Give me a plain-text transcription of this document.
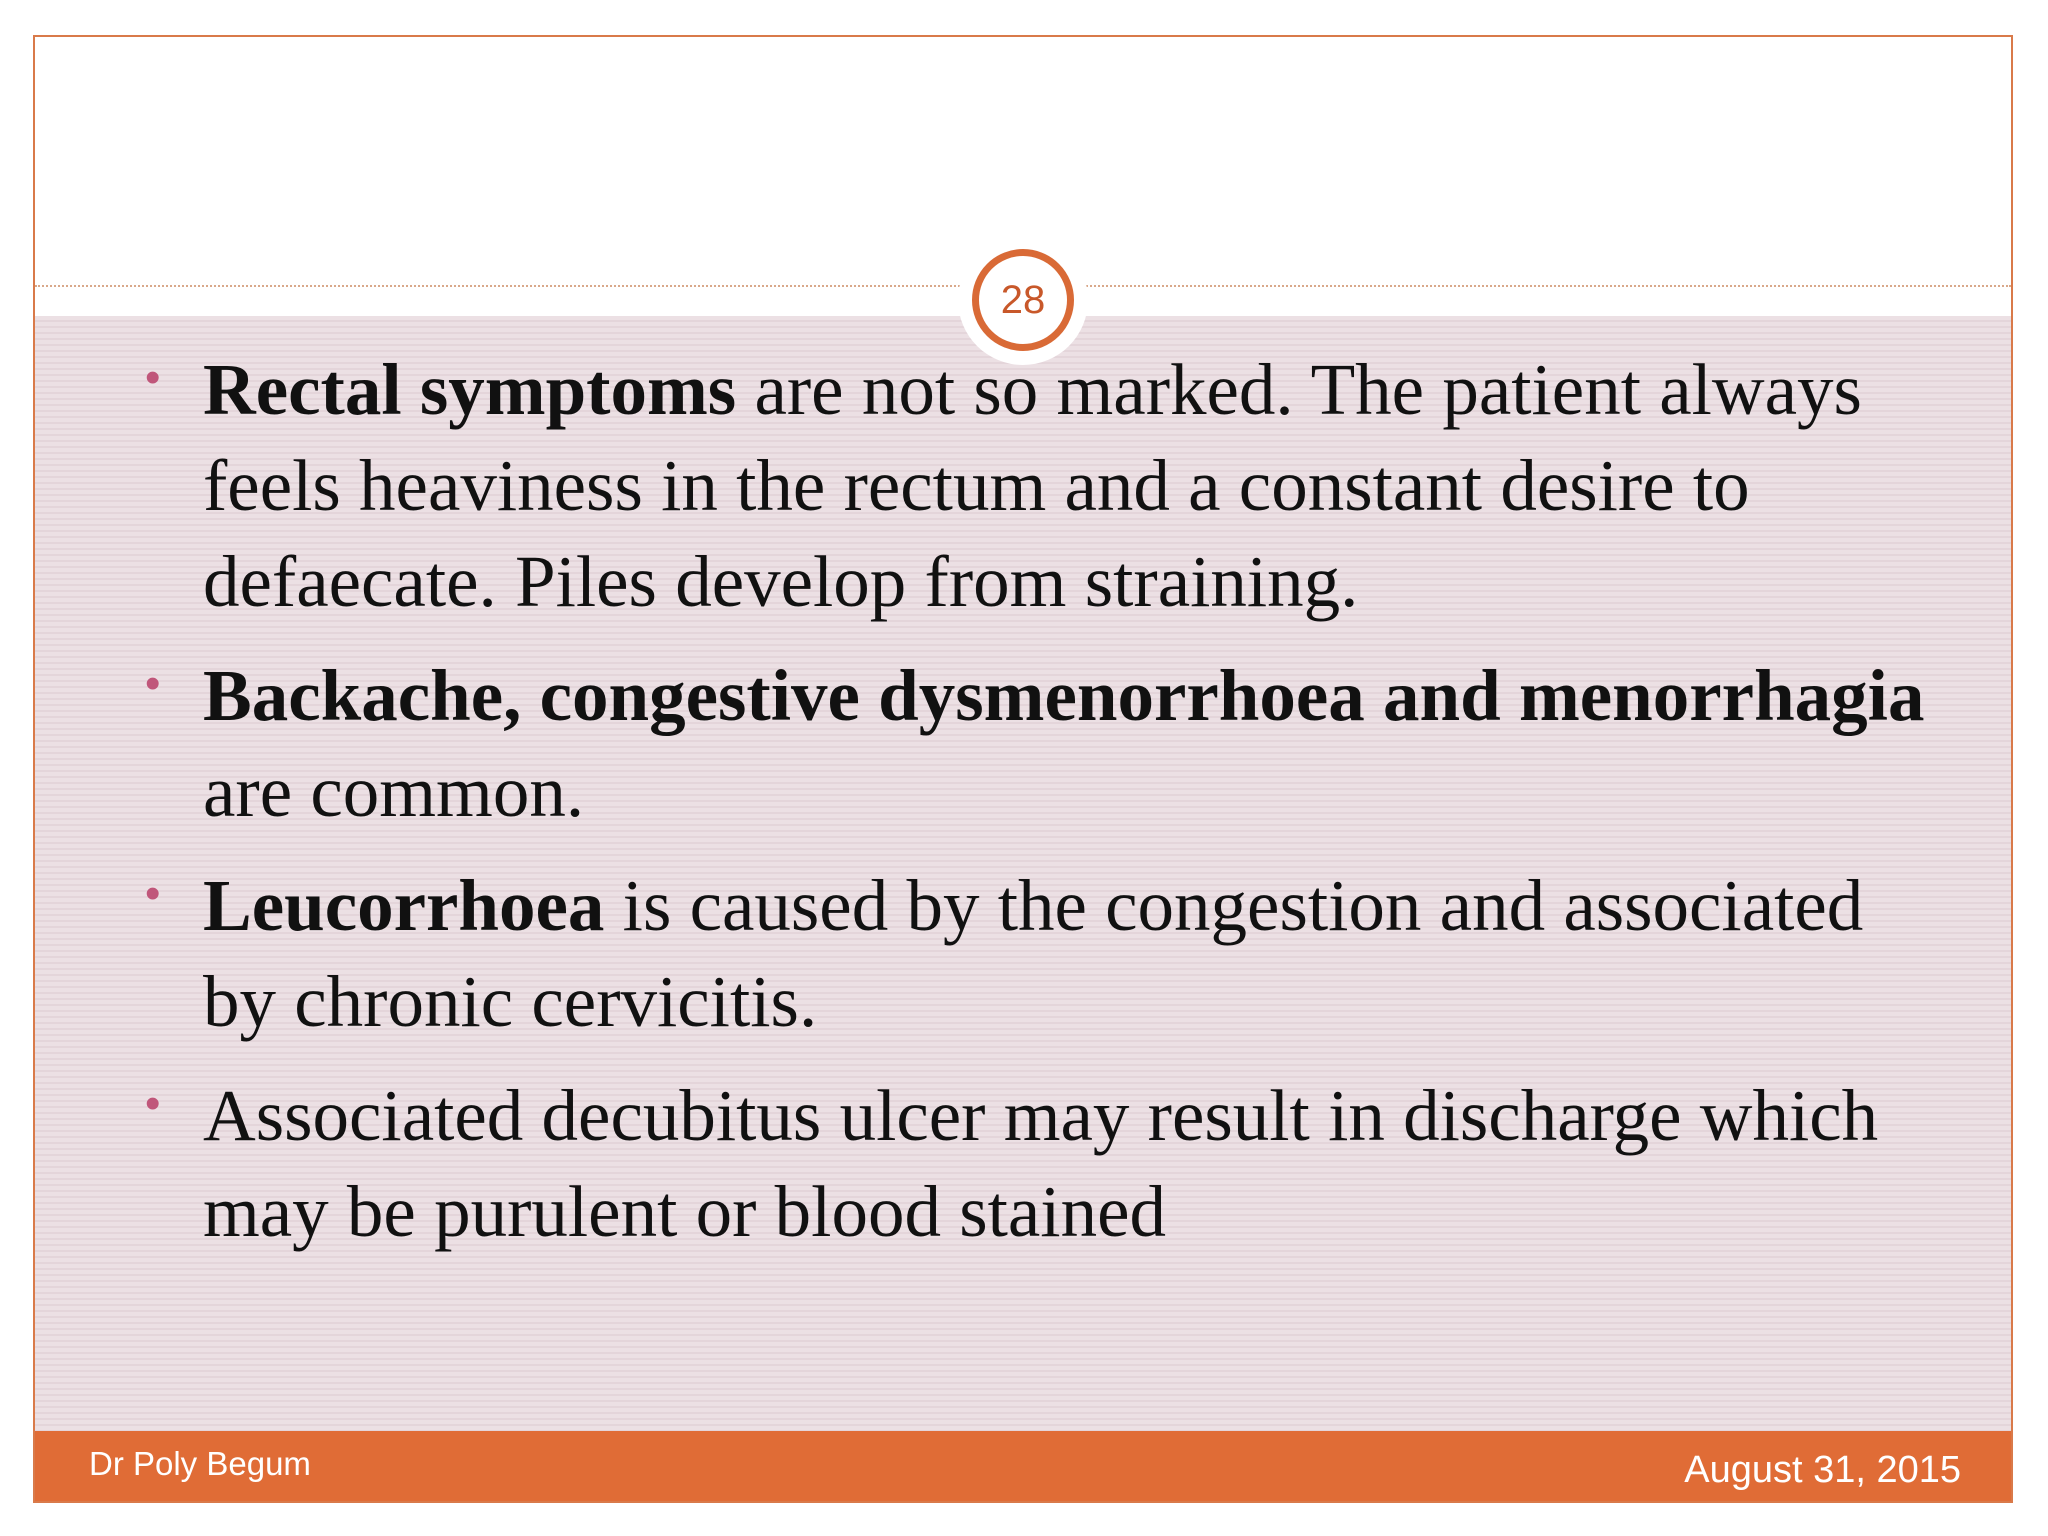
28
• Rectal symptoms are not so marked. The patient always feels heaviness in the rectum and a constant desire to defaecate. Piles develop from straining.
• Backache, congestive dysmenorrhoea and menorrhagia are common.
• Leucorrhoea is caused by the congestion and associated by chronic cervicitis.
• Associated decubitus ulcer may result in discharge which may be purulent or blood stained
Dr Poly Begum	August 31, 2015
